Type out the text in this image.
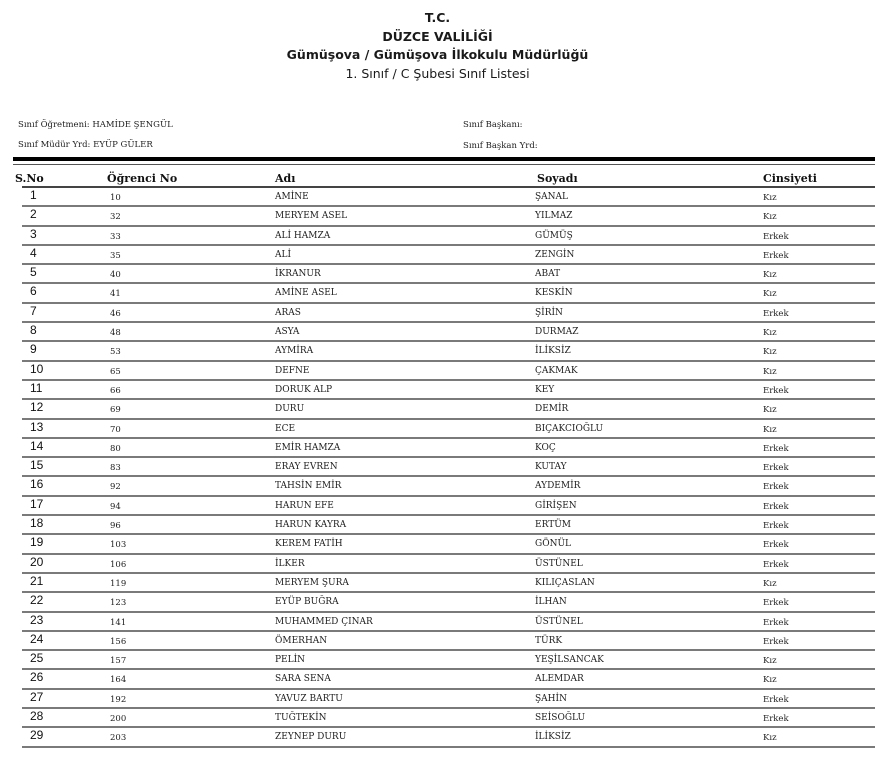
T.C.
DÜZCE VALİLİĞİ
Gümüşova / Gümüşova İlkokulu Müdürlüğü
1. Sınıf / C Şubesi Sınıf Listesi
Sınıf Öğretmeni: HAMİDE ŞENGÜL
Sınıf Müdür Yrd: EYÜP GÜLER
Sınıf Başkanı:
Sınıf Başkan Yrd:
S.No	Öğrenci No	Adı	Soyadı	Cinsiyeti
1	10	AMİNE	ŞANAL	Kız
2	32	MERYEM ASEL	YILMAZ	Kız
3	33	ALİ HAMZA	GÜMÜŞ	Erkek
4	35	ALİ	ZENGİN	Erkek
5	40	İKRANUR	ABAT	Kız
6	41	AMİNE ASEL	KESKİN	Kız
7	46	ARAS	ŞİRİN	Erkek
8	48	ASYA	DURMAZ	Kız
9	53	AYMİRA	İLİKSİZ	Kız
10	65	DEFNE	ÇAKMAK	Kız
11	66	DORUK ALP	KEY	Erkek
12	69	DURU	DEMİR	Kız
13	70	ECE	BIÇAKCIOĞLU	Kız
14	80	EMİR HAMZA	KOÇ	Erkek
15	83	ERAY EVREN	KUTAY	Erkek
16	92	TAHSİN EMİR	AYDEMİR	Erkek
17	94	HARUN EFE	GİRİŞEN	Erkek
18	96	HARUN KAYRA	ERTÜM	Erkek
19	103	KEREM FATİH	GÖNÜL	Erkek
20	106	İLKER	ÜSTÜNEL	Erkek
21	119	MERYEM ŞURA	KILIÇASLAN	Kız
22	123	EYÜP BUĞRA	İLHAN	Erkek
23	141	MUHAMMED ÇINAR	ÜSTÜNEL	Erkek
24	156	ÖMERHAN	TÜRK	Erkek
25	157	PELİN	YEŞİLSANCAK	Kız
26	164	SARA SENA	ALEMDAR	Kız
27	192	YAVUZ BARTU	ŞAHİN	Erkek
28	200	TUĞTEKİN	SEİSOĞLU	Erkek
29	203	ZEYNEP DURU	İLİKSİZ	Kız
